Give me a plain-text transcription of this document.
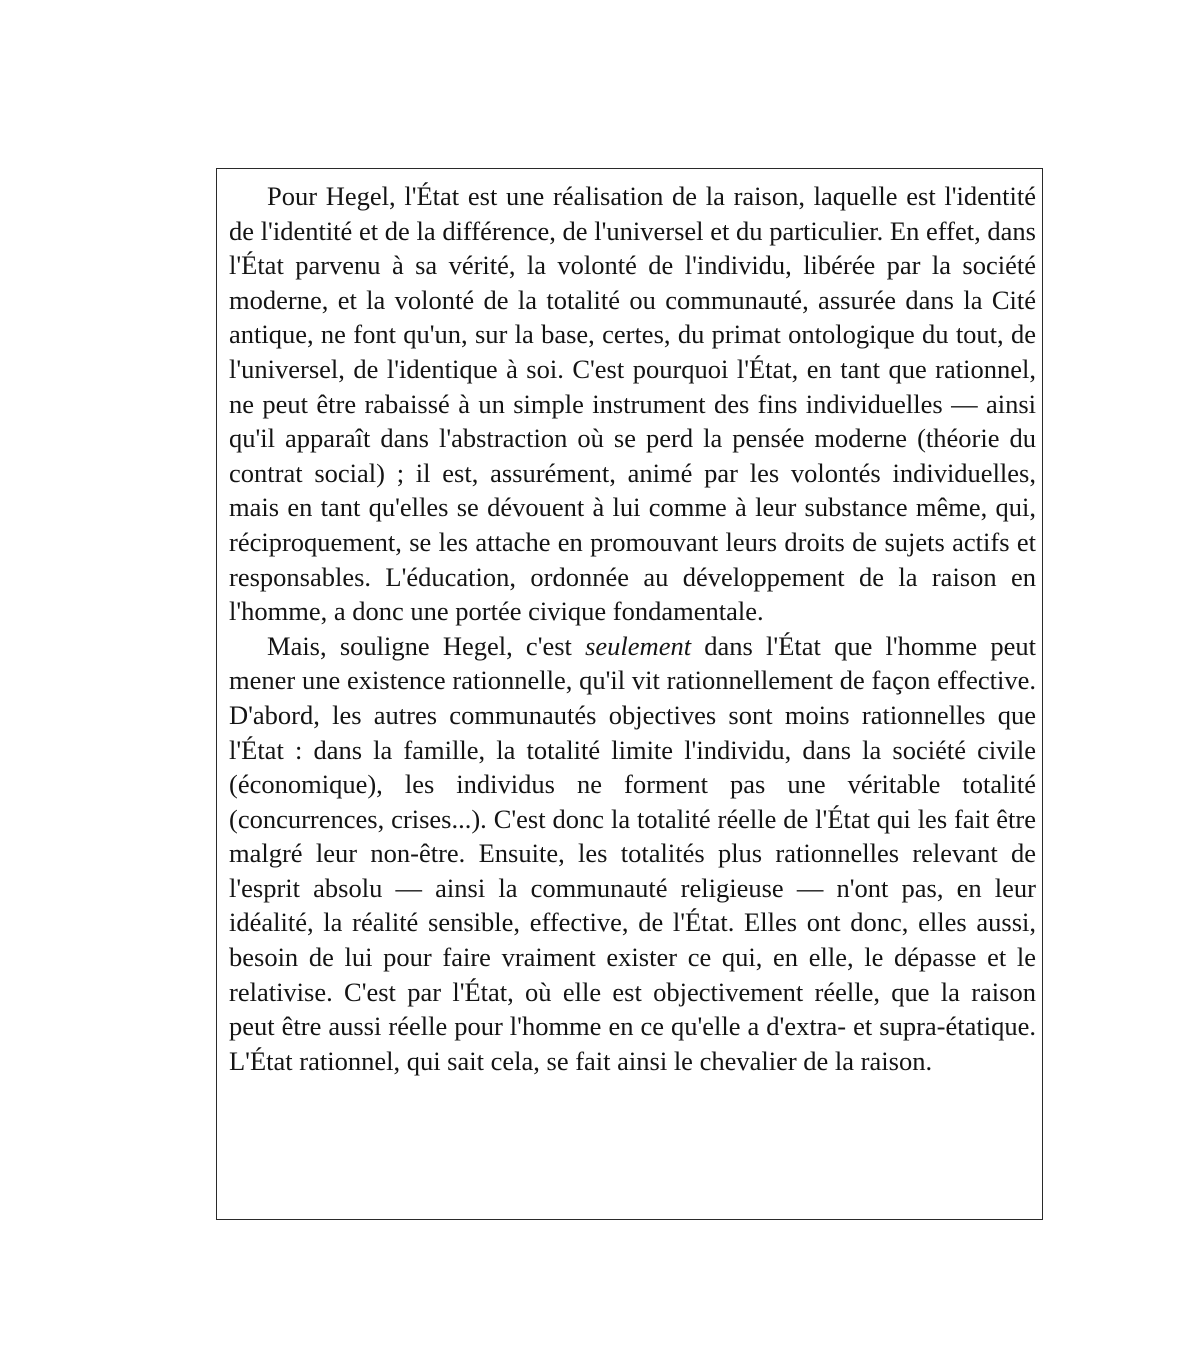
Pour Hegel, l'État est une réalisation de la raison, laquelle est l'identité de l'identité et de la différence, de l'universel et du particulier. En effet, dans l'État parvenu à sa vérité, la volonté de l'individu, libérée par la société moderne, et la volonté de la totalité ou communauté, assurée dans la Cité antique, ne font qu'un, sur la base, certes, du primat ontologique du tout, de l'universel, de l'identique à soi. C'est pourquoi l'État, en tant que rationnel, ne peut être rabaissé à un simple instrument des fins individuelles — ainsi qu'il apparaît dans l'abstraction où se perd la pensée moderne (théorie du contrat social) ; il est, assurément, animé par les volontés individuelles, mais en tant qu'elles se dévouent à lui comme à leur substance même, qui, réciproquement, se les attache en promouvant leurs droits de sujets actifs et responsables. L'éducation, ordonnée au développement de la raison en l'homme, a donc une portée civique fondamentale.

Mais, souligne Hegel, c'est seulement dans l'État que l'homme peut mener une existence rationnelle, qu'il vit rationnellement de façon effective. D'abord, les autres communautés objectives sont moins rationnelles que l'État : dans la famille, la totalité limite l'individu, dans la société civile (économique), les individus ne forment pas une véritable totalité (concurrences, crises...). C'est donc la totalité réelle de l'État qui les fait être malgré leur non-être. Ensuite, les totalités plus rationnelles relevant de l'esprit absolu — ainsi la communauté religieuse — n'ont pas, en leur idéalité, la réalité sensible, effective, de l'État. Elles ont donc, elles aussi, besoin de lui pour faire vraiment exister ce qui, en elle, le dépasse et le relativise. C'est par l'État, où elle est objectivement réelle, que la raison peut être aussi réelle pour l'homme en ce qu'elle a d'extra- et supra-étatique. L'État rationnel, qui sait cela, se fait ainsi le chevalier de la raison.
